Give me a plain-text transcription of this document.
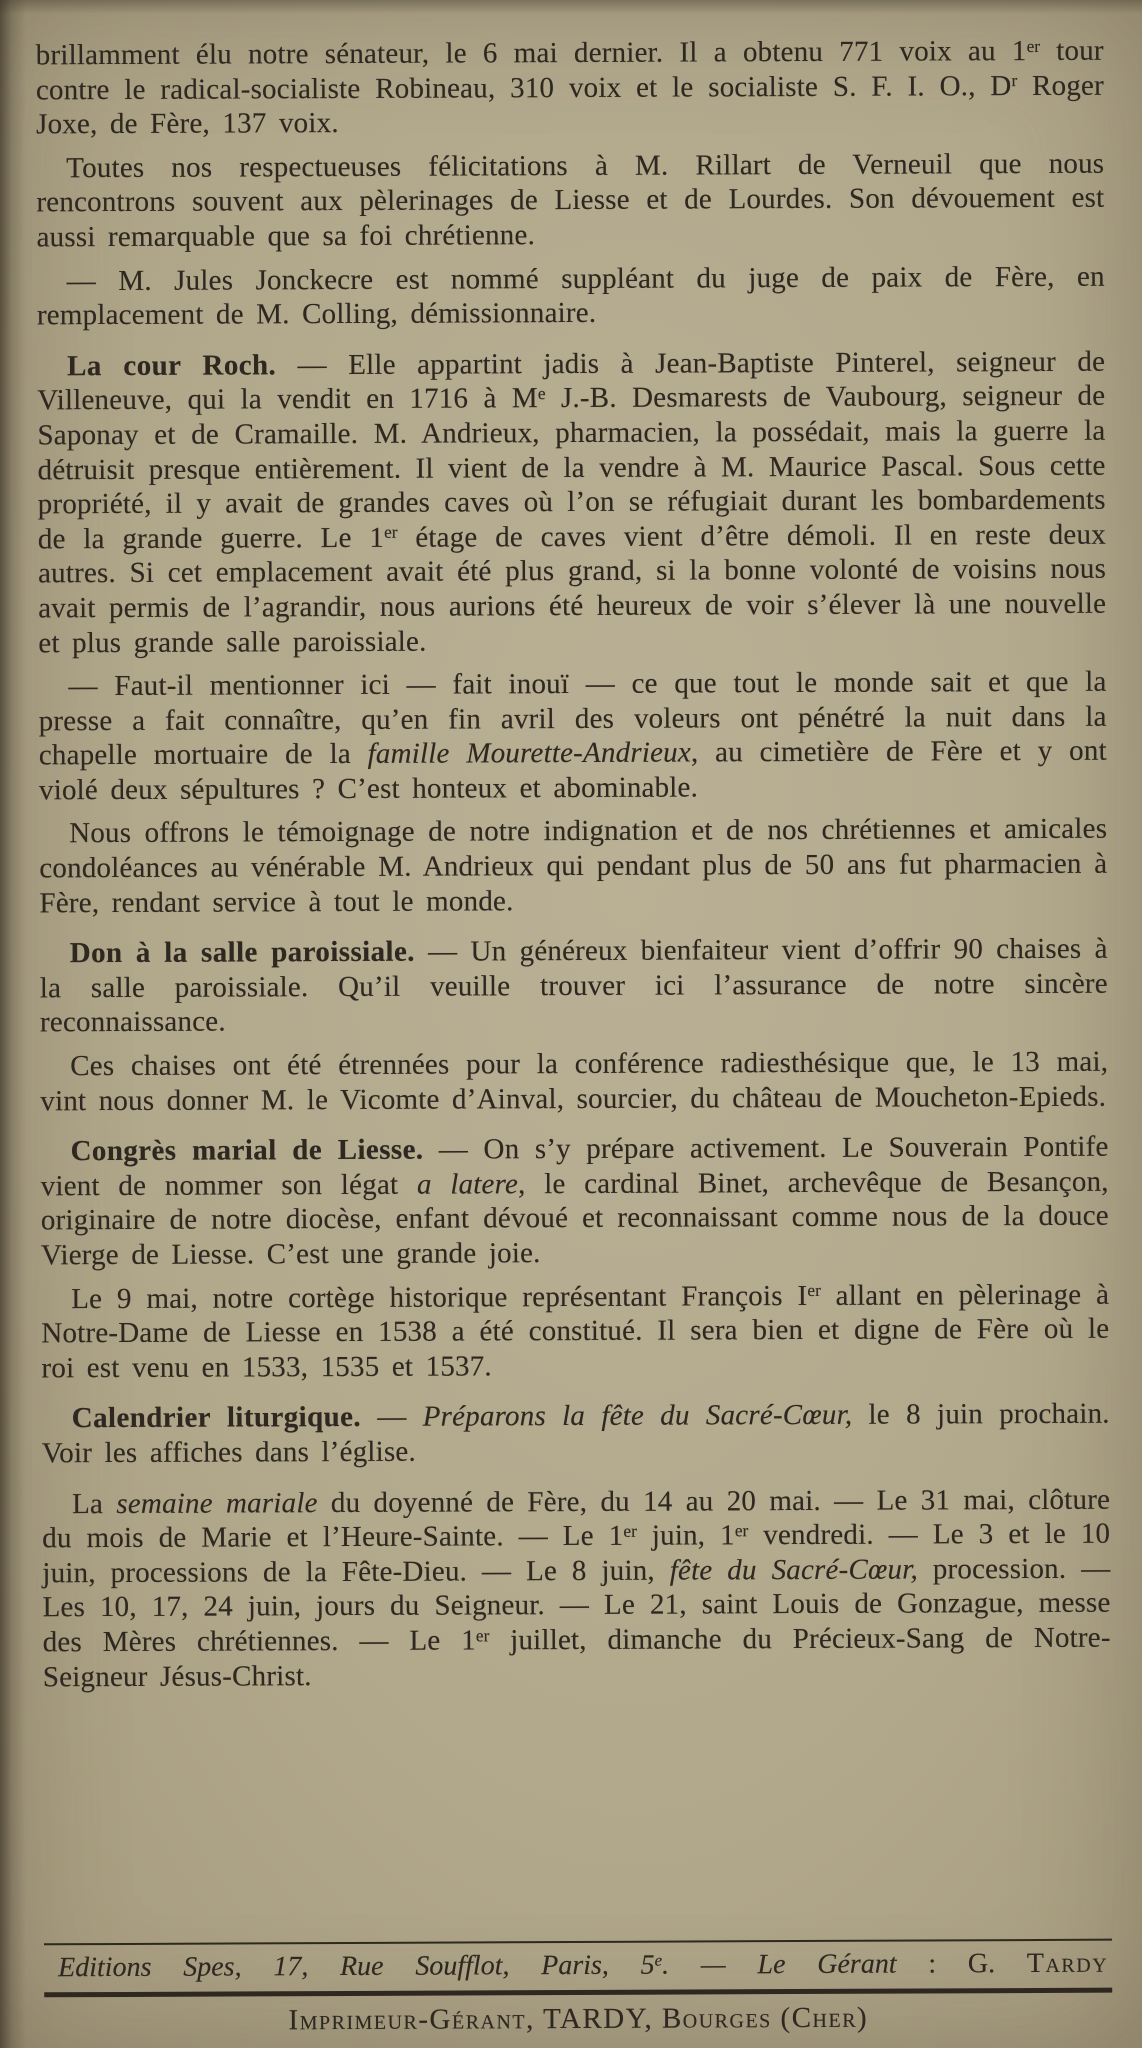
brillamment élu notre sénateur, le 6 mai dernier. Il a obtenu 771 voix au 1er tour contre le radical-socialiste Robineau, 310 voix et le socialiste S. F. I. O., $D^r$ Roger Joxe, de Fère, 137 voix.

Toutes nos respectueuses félicitations à M. Rillart de Verneuil que nous rencontrons souvent aux pèlerinages de Liesse et de Lourdes. Son dévouement est aussi remarquable que sa foi chrétienne.

— M. Jules Jonckecre est nommé suppléant du juge de paix de Fère, en remplacement de M. Colling, démissionnaire.

La cour Roch. — Elle appartint jadis à Jean-Baptiste Pinterel, seigneur de Villeneuve, qui la vendit en 1716 à Me J.-B. Desmarests de Vaubourg, seigneur de Saponay et de Cramaille. M. Andrieux, pharmacien, la possédait, mais la guerre la détruisit presque entièrement. Il vient de la vendre à M. Maurice Pascal. Sous cette propriété, il y avait de grandes caves où l’on se réfugiait durant les bombardements de la grande guerre. Le 1er étage de caves vient d’être démoli. Il en reste deux autres. Si cet emplacement avait été plus grand, si la bonne volonté de voisins nous avait permis de l’agrandir, nous aurions été heureux de voir s’élever là une nouvelle et plus grande salle paroissiale.

— Faut-il mentionner ici — fait inouï — ce que tout le monde sait et que la presse a fait connaître, qu’en fin avril des voleurs ont pénétré la nuit dans la chapelle mortuaire de la famille Mourette-Andrieux, au cimetière de Fère et y ont violé deux sépultures ? C’est honteux et abominable.

Nous offrons le témoignage de notre indignation et de nos chrétiennes et amicales condoléances au vénérable M. Andrieux qui pendant plus de 50 ans fut pharmacien à Fère, rendant service à tout le monde.

Don à la salle paroissiale. — Un généreux bienfaiteur vient d’offrir 90 chaises à la salle paroissiale. Qu’il veuille trouver ici l’assurance de notre sincère reconnaissance.

Ces chaises ont été étrennées pour la conférence radiesthésique que, le 13 mai, vint nous donner M. le Vicomte d’Ainval, sourcier, du château de Moucheton-Epieds.

Congrès marial de Liesse. — On s’y prépare activement. Le Souverain Pontife vient de nommer son légat a latere, le cardinal Binet, archevêque de Besançon, originaire de notre diocèse, enfant dévoué et reconnaissant comme nous de la douce Vierge de Liesse. C’est une grande joie.

Le 9 mai, notre cortège historique représentant François Ier allant en pèlerinage à Notre-Dame de Liesse en 1538 a été constitué. Il sera bien et digne de Fère où le roi est venu en 1533, 1535 et 1537.

Calendrier liturgique. — Préparons la fête du Sacré-Cœur, le 8 juin prochain. Voir les affiches dans l’église.

La semaine mariale du doyenné de Fère, du 14 au 20 mai. — Le 31 mai, clôture du mois de Marie et l’Heure-Sainte. — Le 1er juin, 1er vendredi. — Le 3 et le 10 juin, processions de la Fête-Dieu. — Le 8 juin, fête du Sacré-Cœur, procession. — Les 10, 17, 24 juin, jours du Seigneur. — Le 21, saint Louis de Gonzague, messe des Mères chrétiennes. — Le 1er juillet, dimanche du Précieux-Sang de Notre-Seigneur Jésus-Christ.

Editions Spes, 17, Rue Soufflot, Paris, 5e. — Le Gérant : G. Tardy
Imprimeur-Gérant, TARDY, Bourges (Cher)
